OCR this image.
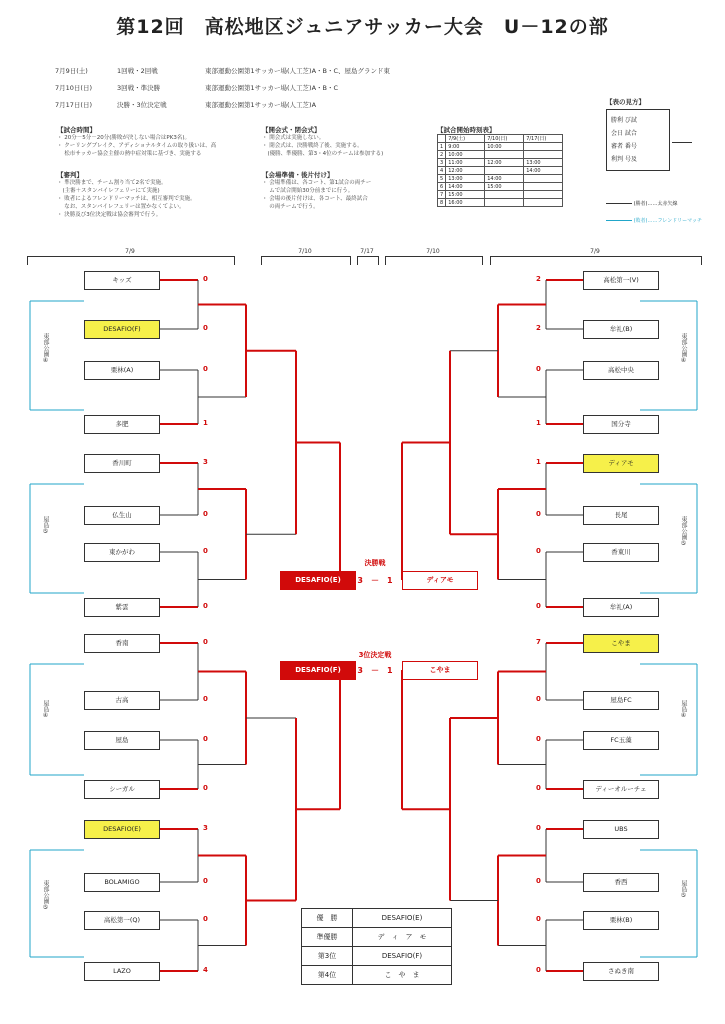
第12回　高松地区ジュニアサッカー大会　U－12の部
7月9日(土)	1回戦・2回戦	東部運動公園第1サッカー場(人工芝)A・B・C、屋島グランド東
7月10日(日)	3回戦・準決勝	東部運動公園第1サッカー場(人工芝)A・B・C
7月17日(日)	決勝・3位決定戦	東部運動公園第1サッカー場(人工芝)A
【試合時間】
・ 20分－5分－20分(勝敗が決しない場合はPK3名)。
・ クーリングブレイク、アディショナルタイムの取り扱いは、高
　 松市サッカー協会主催の熱中症対策に基づき、実施する
【審判】
・ 準決勝まで、チーム割り当て2名で実施。
　(主審＋スタンバイレフェリーにて実施)
・ 敗者によるフレンドリーマッチは、相互審判で実施。
　 なお、スタンバイレフェリーは置かなくてよい。
・ 決勝及び3位決定戦は協会審判で行う。
【開会式・閉会式】
・ 開会式は実施しない。
・ 閉会式は、決勝戦終了後、実施する。
　(優勝、準優勝、第3・4位のチームは参加する)
【会場準備・後片付け】
・ 会場準備は、各コート、第1試合の両チー
　 ムで試合開始30分前までに行う。
・ 会場の後片付けは、各コート、最終試合
　 の両チームで行う。
【試合開始時刻表】
	7/9(土)	7/10(日)	7/17(日)
1	9:00	10:00	
2	10:00		
3	11:00	12:00	13:00
4	12:00		14:00
5	13:00	14:00	
6	14:00	15:00	
7	15:00		
8	16:00		
【表の見方】
勝利 び試
会日 試合
審者 番号
利判 号及
(勝者)……太赤矢線
(敗者)……フレンドリーマッチ
7/9	7/10	7/17	7/10	7/9
キッズ
DESAFIO(F)
栗林(A)
多肥
香川町
仏生山
東かがわ
紫雲
香南
古高
屋島
シーガル
DESAFIO(E)
BOLAMIGO
高松第一(Q)
LAZO
高松第一(V)
牟礼(B)
高松中央
国分寺
ディアモ
長尾
香東川
牟礼(A)
こやま
屋島FC
FC玉藻
ディーオルーチェ
UBS
香西
栗林(B)
さぬき南
DESAFIO(E)	ディアモ
決勝戦
3 － 1
DESAFIO(F)	こやま
3位決定戦
3 － 1
優　勝	DESAFIO(E)
準優勝	デ　ィ　ア　モ
第3位	DESAFIO(F)
第4位	こ　や　ま
0
0
0
1
3
0
0
0
0
0
0
0
3
0
0
4
2
2
0
1
1
0
0
0
7
0
0
0
0
0
0
0
東部公園④
屋島⑤
屋島④
東部公園⑤
東部公園④
東部公園⑤
屋島④
屋島⑤
